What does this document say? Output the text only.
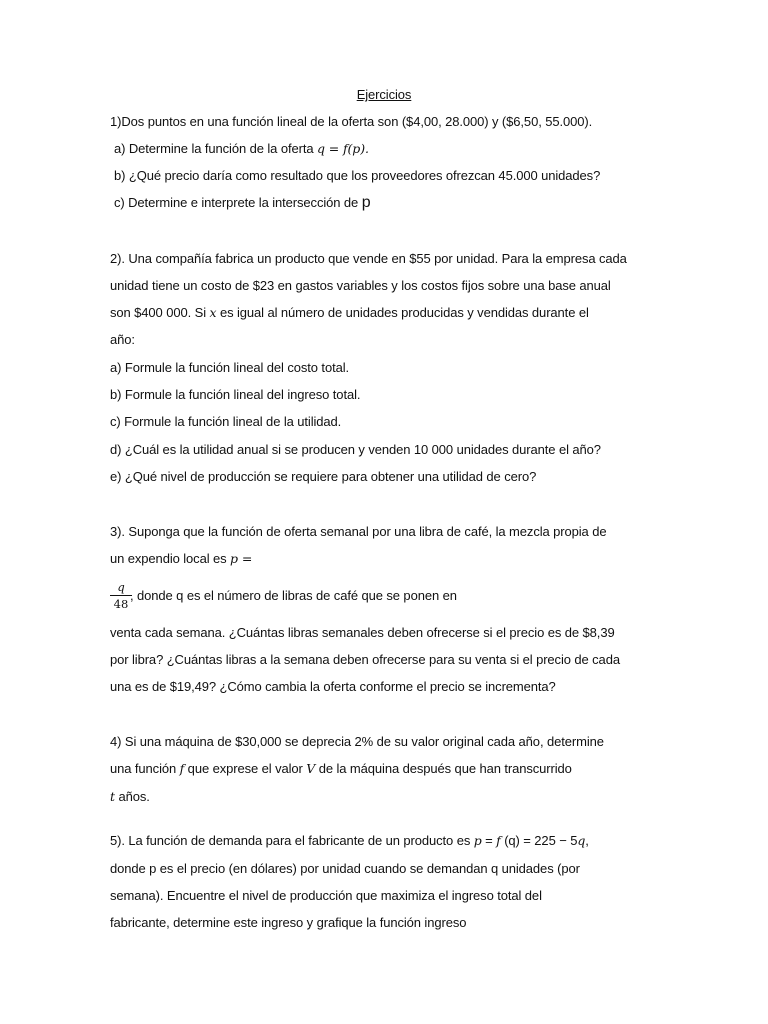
Ejercicios
1)Dos puntos en una función lineal de la oferta son ($4,00, 28.000) y ($6,50, 55.000).
a) Determine la función de la oferta q = f(p).
b) ¿Qué precio daría como resultado que los proveedores ofrezcan 45.000 unidades?
c) Determine e interprete la intersección de p
2). Una compañía fabrica un producto que vende en $55 por unidad. Para la empresa cada
unidad tiene un costo de $23 en gastos variables y los costos fijos sobre una base anual
son $400 000. Si x es igual al número de unidades producidas y vendidas durante el
año:
a) Formule la función lineal del costo total.
b) Formule la función lineal del ingreso total.
c) Formule la función lineal de la utilidad.
d) ¿Cuál es la utilidad anual si se producen y venden 10 000 unidades durante el año?
e) ¿Qué nivel de producción se requiere para obtener una utilidad de cero?
3). Suponga que la función de oferta semanal por una libra de café, la mezcla propia de
un expendio local es p =
q
48
, donde q es el número de libras de café que se ponen en
venta cada semana. ¿Cuántas libras semanales deben ofrecerse si el precio es de $8,39
por libra? ¿Cuántas libras a la semana deben ofrecerse para su venta si el precio de cada
una es de $19,49? ¿Cómo cambia la oferta conforme el precio se incrementa?
4) Si una máquina de $30,000 se deprecia 2% de su valor original cada año, determine
una función f que exprese el valor V de la máquina después que han transcurrido
t años.
5). La función de demanda para el fabricante de un producto es p = f (q) = 225 − 5q,
donde p es el precio (en dólares) por unidad cuando se demandan q unidades (por
semana). Encuentre el nivel de producción que maximiza el ingreso total del
fabricante, determine este ingreso y grafique la función ingreso
